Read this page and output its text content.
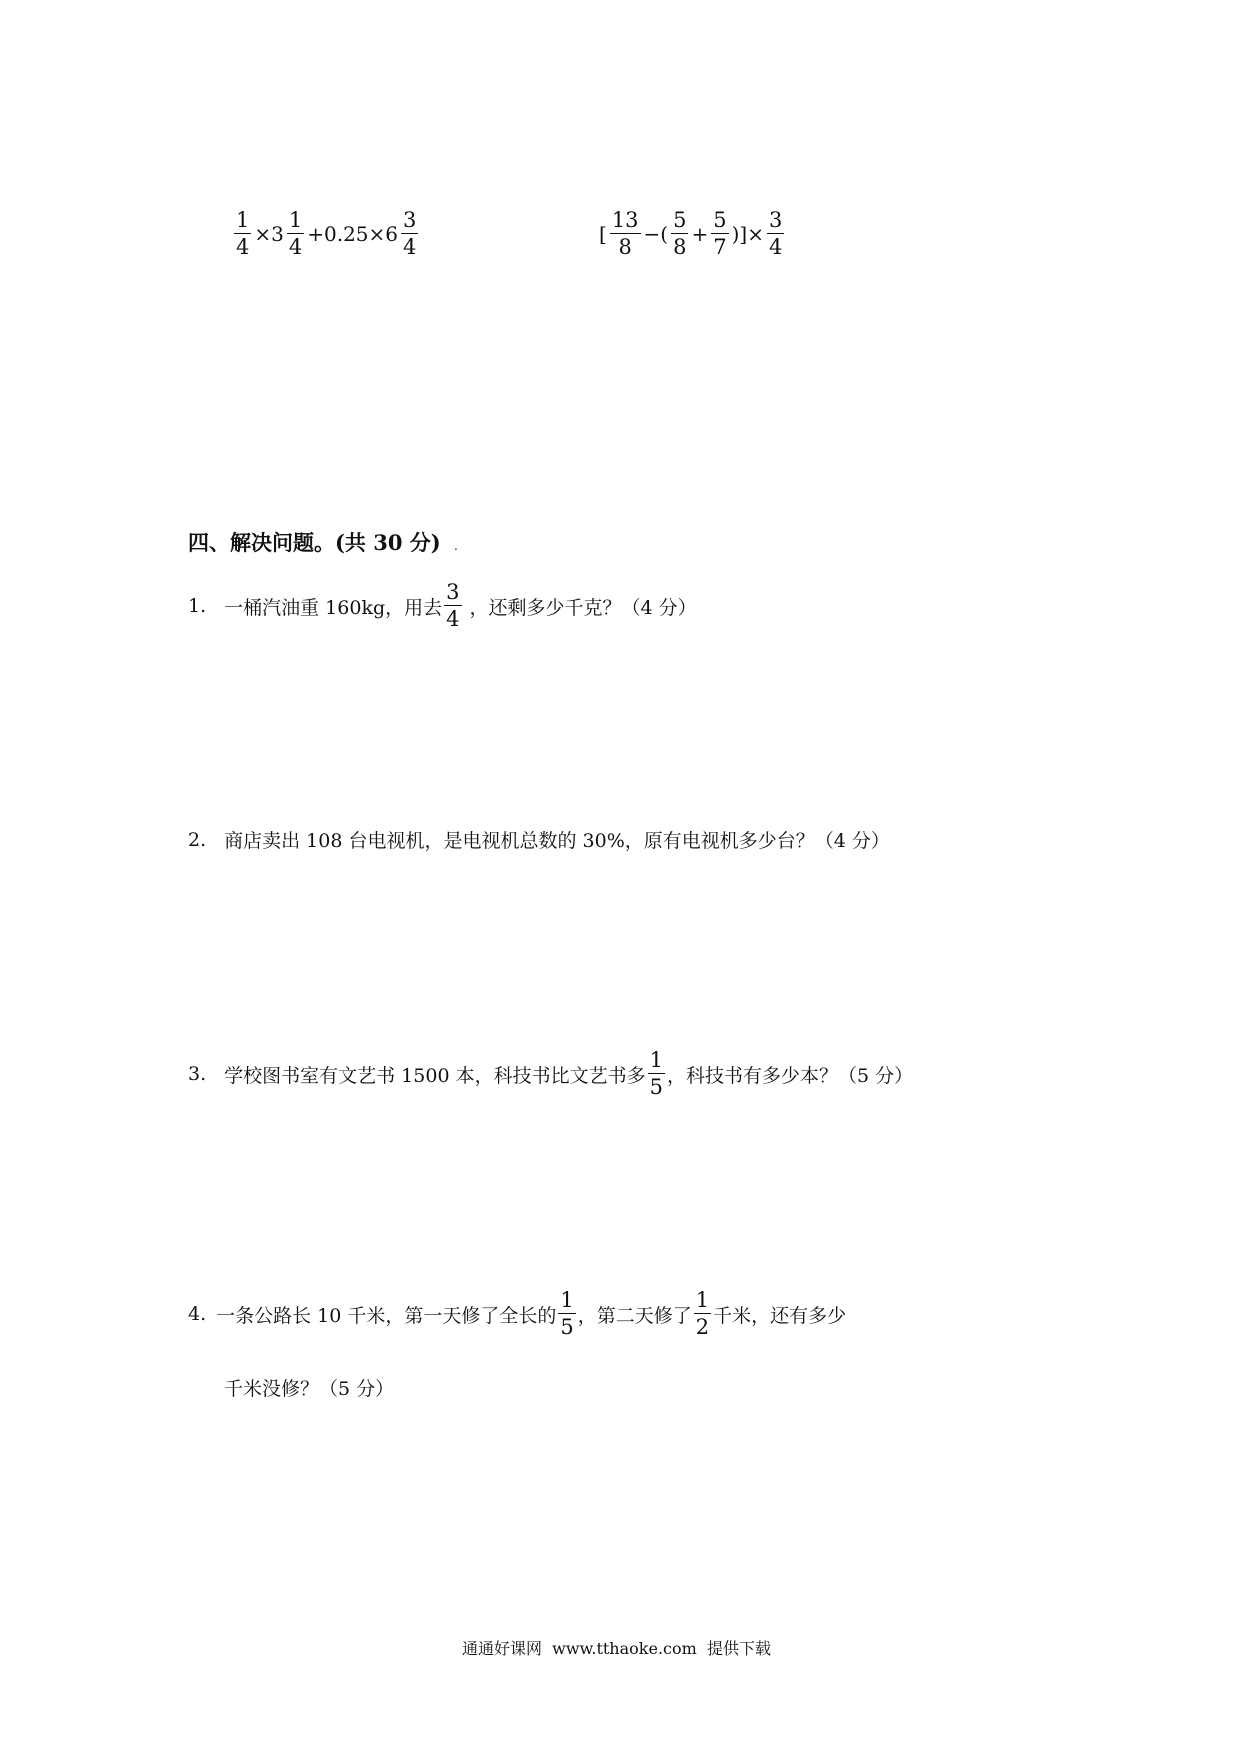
$\frac{1}{4} \times 3 \frac{1}{4} +0.25\times 6 \frac{3}{4}$	[ $\frac{13}{8}$ −( $\frac{5}{8} + \frac{5}{7}$ )]× $\frac{3}{4}$
四、解决问题。(共 30 分) .
1. 一桶汽油重 160kg，用去 $\frac{3}{4}$ ，还剩多少千克？（4 分）
2. 商店卖出 108 台电视机，是电视机总数的 30%，原有电视机多少台？（4 分）
3. 学校图书室有文艺书 1500 本，科技书比文艺书多 $\frac{1}{5}$ ，科技书有多少本？（5 分）
4. 一条公路长 10 千米，第一天修了全长的 $\frac{1}{5}$ ，第二天修了 $\frac{1}{2}$ 千米，还有多少
千米没修？（5 分）
通通好课网  www.tthaoke.com  提供下载
